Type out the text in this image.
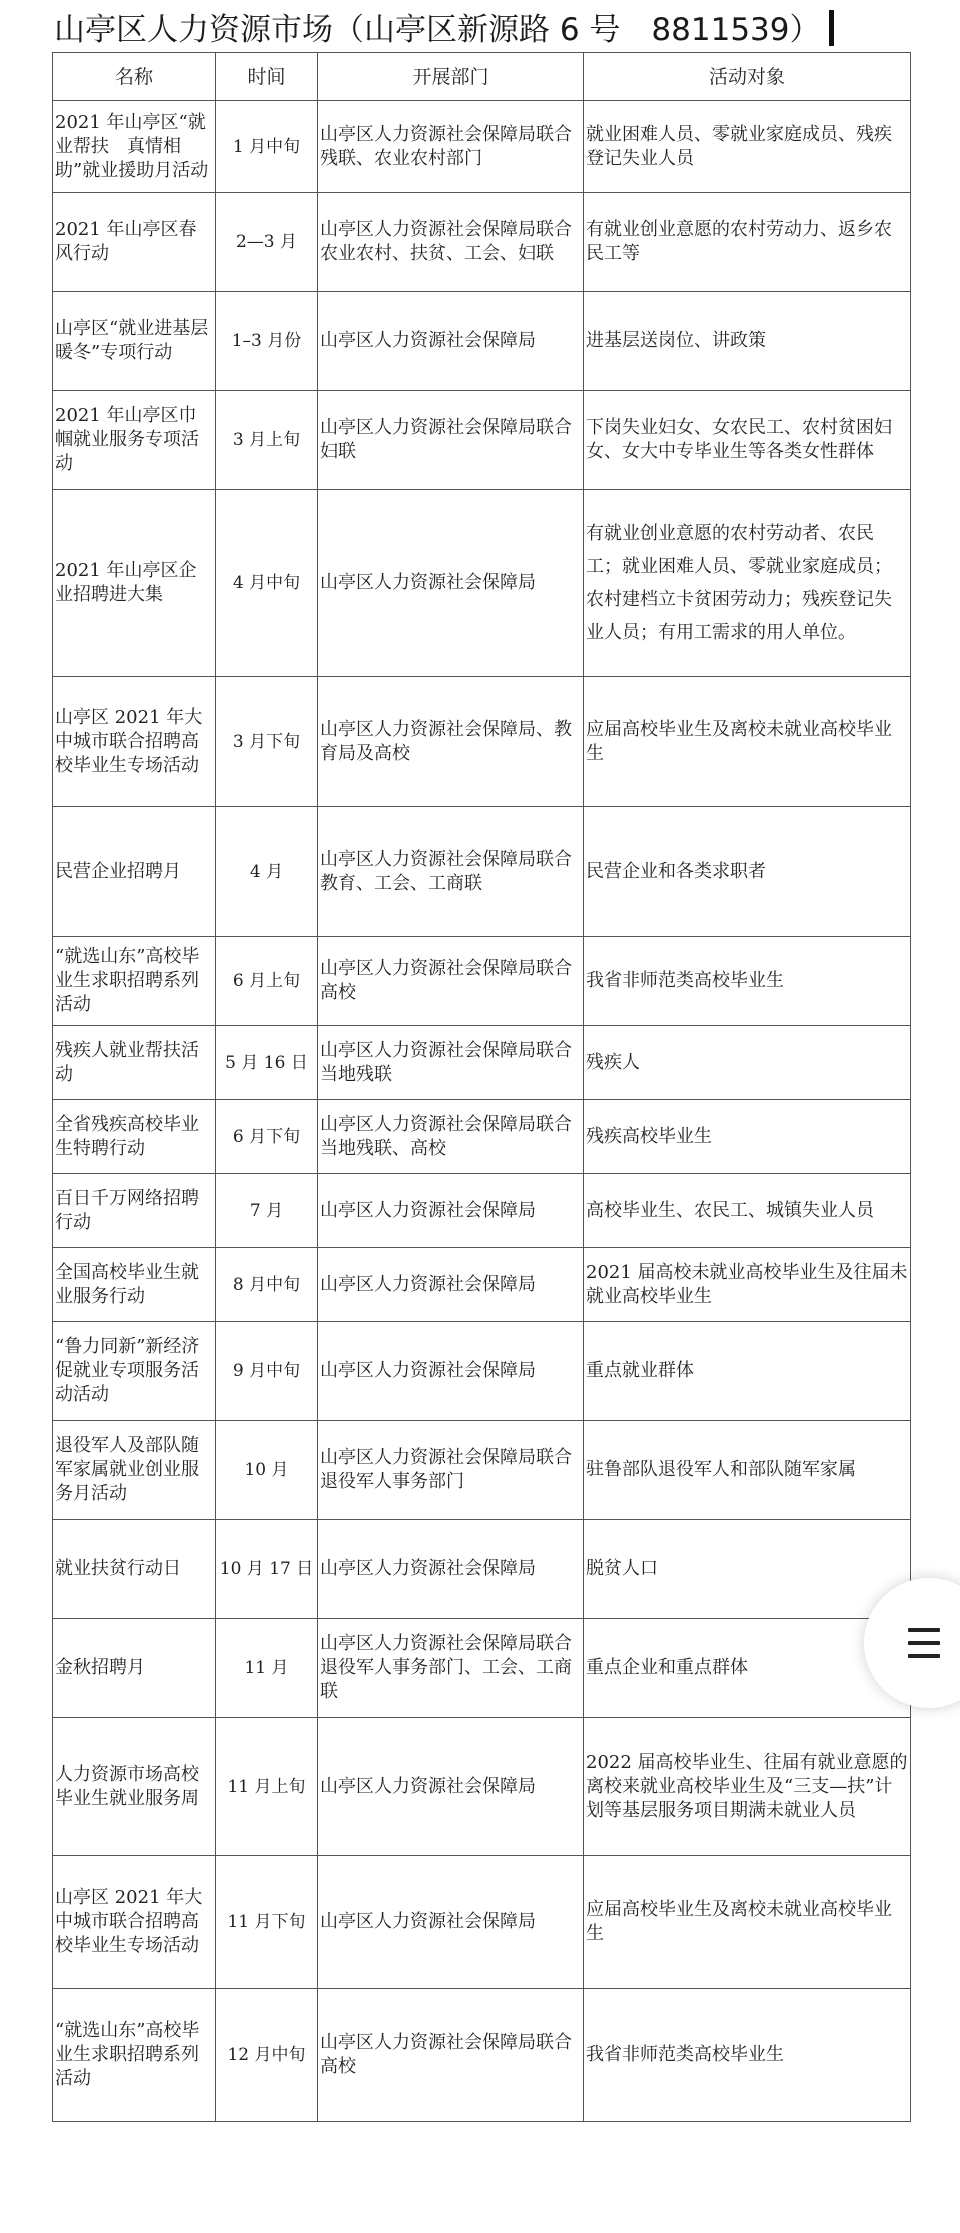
山亭区人力资源市场（山亭区新源路 6 号　8811539）
名称	时间	开展部门	活动对象
2021 年山亭区“就业帮扶　真情相助”就业援助月活动	1 月中旬	山亭区人力资源社会保障局联合残联、农业农村部门	就业困难人员、零就业家庭成员、残疾登记失业人员
2021 年山亭区春风行动	2—3 月	山亭区人力资源社会保障局联合农业农村、扶贫、工会、妇联	有就业创业意愿的农村劳动力、返乡农民工等
山亭区“就业进基层暖冬”专项行动	1–3 月份	山亭区人力资源社会保障局	进基层送岗位、讲政策
2021 年山亭区巾帼就业服务专项活动	3 月上旬	山亭区人力资源社会保障局联合妇联	下岗失业妇女、女农民工、农村贫困妇女、女大中专毕业生等各类女性群体
2021 年山亭区企业招聘进大集	4 月中旬	山亭区人力资源社会保障局	有就业创业意愿的农村劳动者、农民工；就业困难人员、零就业家庭成员；农村建档立卡贫困劳动力；残疾登记失业人员；有用工需求的用人单位。
山亭区 2021 年大中城市联合招聘高校毕业生专场活动	3 月下旬	山亭区人力资源社会保障局、教育局及高校	应届高校毕业生及离校未就业高校毕业生
民营企业招聘月	4 月	山亭区人力资源社会保障局联合教育、工会、工商联	民营企业和各类求职者
“就选山东”高校毕业生求职招聘系列活动	6 月上旬	山亭区人力资源社会保障局联合高校	我省非师范类高校毕业生
残疾人就业帮扶活动	5 月 16 日	山亭区人力资源社会保障局联合当地残联	残疾人
全省残疾高校毕业生特聘行动	6 月下旬	山亭区人力资源社会保障局联合当地残联、高校	残疾高校毕业生
百日千万网络招聘行动	7 月	山亭区人力资源社会保障局	高校毕业生、农民工、城镇失业人员
全国高校毕业生就业服务行动	8 月中旬	山亭区人力资源社会保障局	2021 届高校未就业高校毕业生及往届未就业高校毕业生
“鲁力同新”新经济促就业专项服务活动活动	9 月中旬	山亭区人力资源社会保障局	重点就业群体
退役军人及部队随军家属就业创业服务月活动	10 月	山亭区人力资源社会保障局联合退役军人事务部门	驻鲁部队退役军人和部队随军家属
就业扶贫行动日	10 月 17 日	山亭区人力资源社会保障局	脱贫人口
金秋招聘月	11 月	山亭区人力资源社会保障局联合退役军人事务部门、工会、工商联	重点企业和重点群体
人力资源市场高校毕业生就业服务周	11 月上旬	山亭区人力资源社会保障局	2022 届高校毕业生、往届有就业意愿的离校来就业高校毕业生及“三支—扶”计划等基层服务项目期满未就业人员
山亭区 2021 年大中城市联合招聘高校毕业生专场活动	11 月下旬	山亭区人力资源社会保障局	应届高校毕业生及离校未就业高校毕业生
“就选山东”高校毕业生求职招聘系列活动	12 月中旬	山亭区人力资源社会保障局联合高校	我省非师范类高校毕业生
